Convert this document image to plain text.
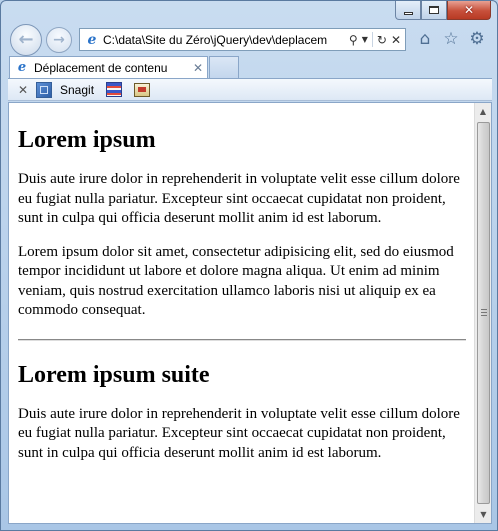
✕
← → e C:\data\Site du Zéro\jQuery\dev\deplacem	⚲ ▼ ↻ ✕ ⌂ ☆ ⚙
e Déplacement de contenu	✕
✕	Snagit
Lorem ipsum

Duis aute irure dolor in reprehenderit in voluptate velit esse cillum dolore eu fugiat nulla pariatur. Excepteur sint occaecat cupidatat non proident, sunt in culpa qui officia deserunt mollit anim id est laborum.

Lorem ipsum dolor sit amet, consectetur adipisicing elit, sed do eiusmod tempor incididunt ut labore et dolore magna aliqua. Ut enim ad minim veniam, quis nostrud exercitation ullamco laboris nisi ut aliquip ex ea commodo consequat.

Lorem ipsum suite

Duis aute irure dolor in reprehenderit in voluptate velit esse cillum dolore eu fugiat nulla pariatur. Excepteur sint occaecat cupidatat non proident, sunt in culpa qui officia deserunt mollit anim id est laborum.

▲
▼
